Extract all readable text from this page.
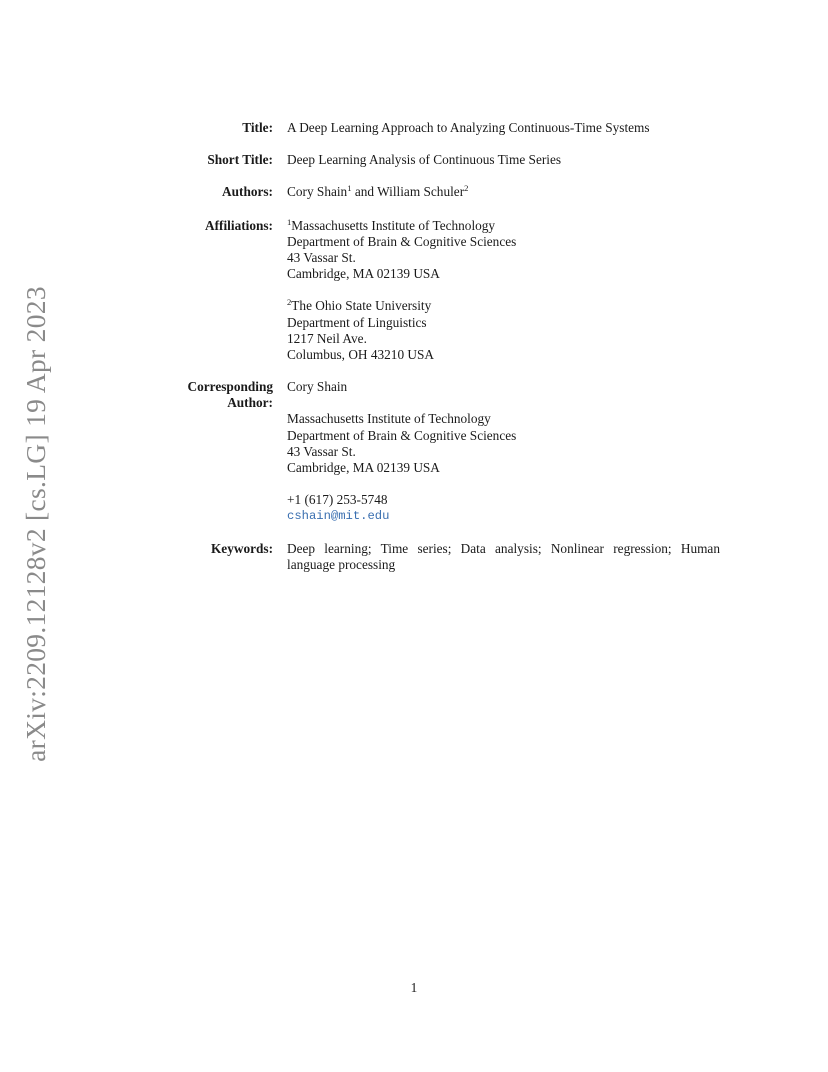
arXiv:2209.12128v2 [cs.LG] 19 Apr 2023
Title:	A Deep Learning Approach to Analyzing Continuous-Time Systems
Short Title:	Deep Learning Analysis of Continuous Time Series
Authors:	Cory Shain$^1$ and William Schuler$^2$
Affiliations:	$^1$Massachusetts Institute of Technology
Department of Brain & Cognitive Sciences
43 Vassar St.
Cambridge, MA 02139 USA
$^2$The Ohio State University
Department of Linguistics
1217 Neil Ave.
Columbus, OH 43210 USA
Corresponding Author:
Cory Shain
Massachusetts Institute of Technology
Department of Brain & Cognitive Sciences
43 Vassar St.
Cambridge, MA 02139 USA
+1 (617) 253-5748
cshain@mit.edu
Keywords:	Deep learning; Time series; Data analysis; Nonlinear regression; Human language processing
1
